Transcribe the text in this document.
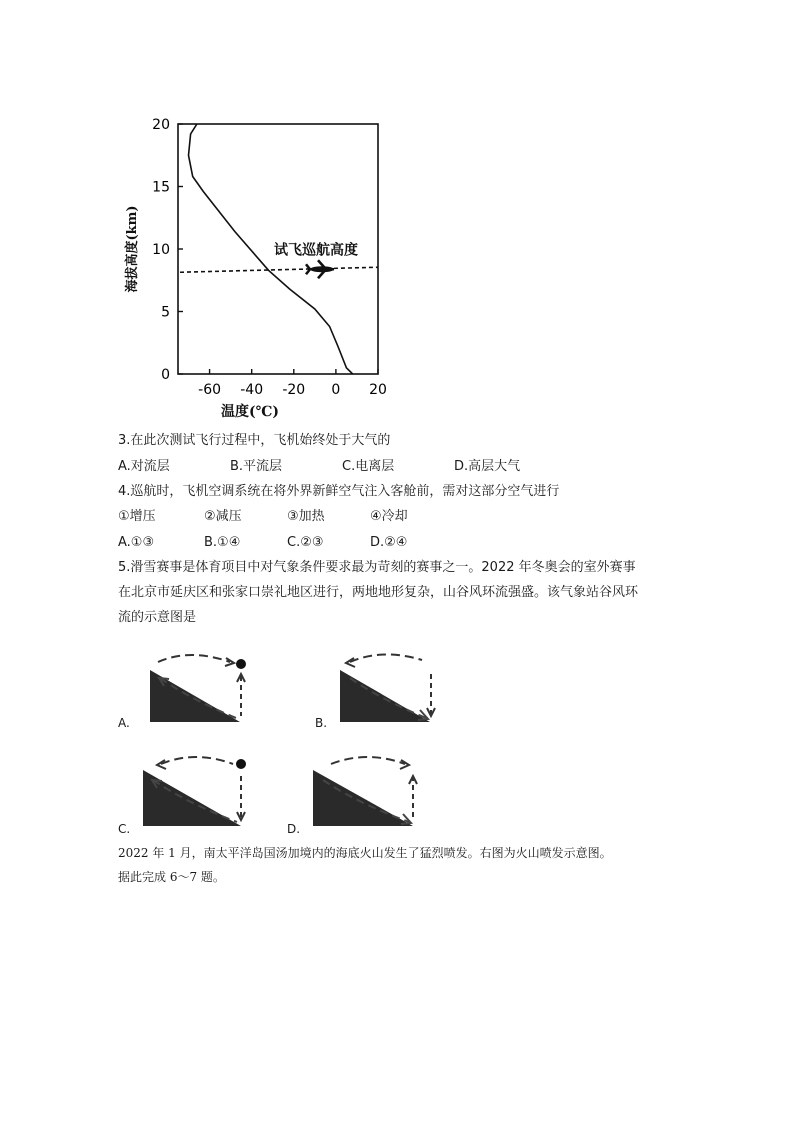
0
5
10
15
20
-60 -40 -20 0 20
试飞巡航高度
海拔高度(km)
温度(℃)
3.在此次测试飞行过程中，飞机始终处于大气的
A.对流层	B.平流层	C.电离层	D.高层大气
4.巡航时，飞机空调系统在将外界新鲜空气注入客舱前，需对这部分空气进行
①增压	②减压	③加热	④冷却
A.①③	B.①④	C.②③	D.②④
5.滑雪赛事是体育项目中对气象条件要求最为苛刻的赛事之一。2022 年冬奥会的室外赛事
在北京市延庆区和张家口崇礼地区进行，两地地形复杂，山谷风环流强盛。该气象站谷风环
流的示意图是
A.	B.
C.	D.
2022 年 1 月，南太平洋岛国汤加境内的海底火山发生了猛烈喷发。右图为火山喷发示意图。
据此完成 6～7 题。
